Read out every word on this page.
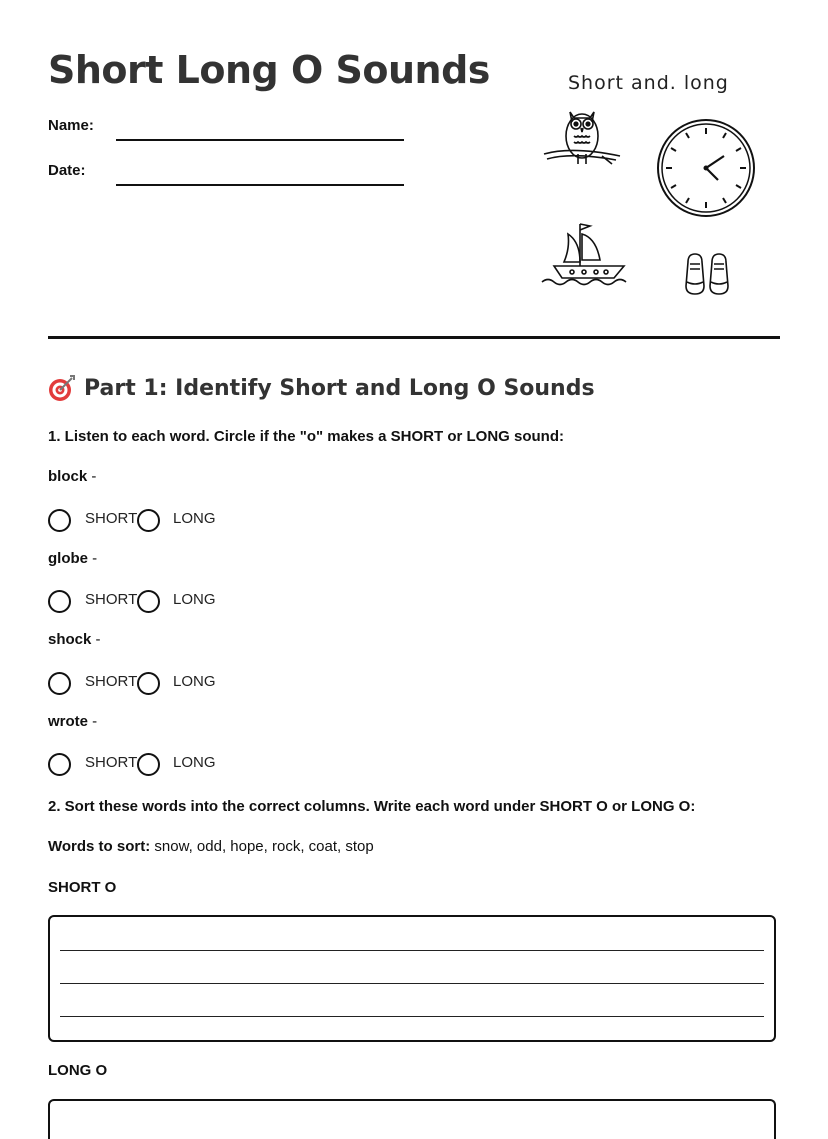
Short Long O Sounds
Name:
Date:
Short and. long
Part 1: Identify Short and Long O Sounds
1. Listen to each word. Circle if the "o" makes a SHORT or LONG sound:
block -
SHORT LONG
globe -
SHORT LONG
shock -
SHORT LONG
wrote -
SHORT LONG
2. Sort these words into the correct columns. Write each word under SHORT O or LONG O:
Words to sort: snow, odd, hope, rock, coat, stop
SHORT O
LONG O
